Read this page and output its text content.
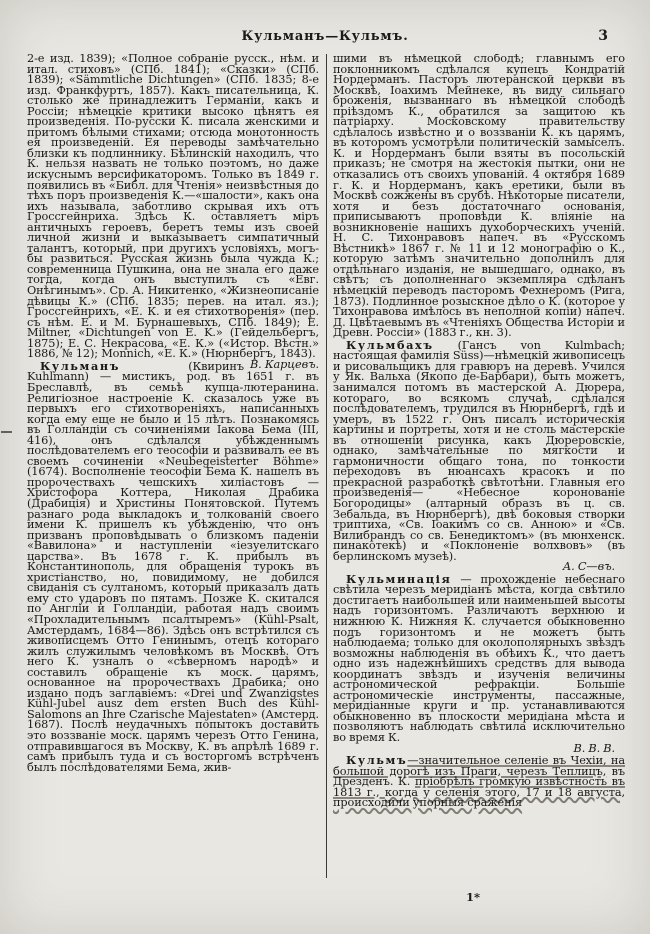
Кульманъ—Кульмъ.	3

2-е изд. 1839); «Полное собраніе русск., нѣм. и итал. стиховъ» (СПб. 1841); «Сказки» (СПб. 1839); «Sämmtliche Dichtungen» (СПб. 1835; 8-е изд. Франкфуртъ, 1857). Какъ писательница, К. столько же принадлежитъ Германіи, какъ и Россіи; нѣмецкіе критики высоко цѣнятъ ея произведенія. По-русски К. писала женскими и притомъ бѣлыми стихами; отсюда монотонность ея произведеній. Ея переводы замѣчательно близки къ подлиннику. Бѣлинскій находилъ, что К. нельзя назвать не только поэтомъ, но даже искуснымъ версификаторомъ. Только въ 1849 г. появились въ «Библ. для Чтенія» неизвѣстныя до тѣхъ поръ произведенія К.—«шалости», какъ она ихъ называла, заботливо скрывая ихъ отъ Гроссгейнриха. Здѣсь К. оставляетъ міръ античныхъ героевъ, беретъ темы изъ своей личной жизни и выказываетъ симпатичный талантъ, который, при другихъ условіяхъ, могъ-бы развиться. Русская жизнь была чужда К.; современница Пушкина, она не знала его даже тогда, когда онъ выступилъ съ «Евг. Онѣгинымъ». Ср. А. Никитенко, «Жизнеописаніе дѣвицы К.» (СПб. 1835; перев. на итал. яз.); Гроссгейнрихъ, «Е. К. и ея стихотворенія» (пер. съ нѣм. Е. и М. Бурнашевыхъ, СПб. 1849); E. Miltner, «Dichtungen von E. K.» (Гейдельбергъ, 1875); Е. С. Некрасова, «Е. К.» («Истор. Вѣстн.» 1886, № 12); Monnich, «Е. К.» (Нюрнбергъ, 1843).
В. Карцевъ.

Кульманъ (Квиринъ Kuhlmann) — мистикъ, род. въ 1651 г. въ Бреславлѣ, въ семьѣ купца-лютеранина. Религіозное настроеніе К. сказалось уже въ первыхъ его стихотвореніяхъ, написанныхъ когда ему еще не было и 15 лѣтъ. Познакомясь въ Голландіи съ сочиненіями Іакова Бема (III, 416), онъ сдѣлался убѣжденнымъ послѣдователемъ его теософіи и развивалъ ее въ своемъ сочиненіи «Neubegeisterter Böhme» (1674). Восполненіе теософіи Бема К. нашелъ въ пророчествахъ чешскихъ хиліастовъ — Христофора Коттера, Николая Драбика (Драбиція) и Христины Понятовской. Путемъ разнаго рода выкладокъ и толкованій своего имени К. пришелъ къ убѣжденію, что онъ призванъ проповѣдывать о близкомъ паденіи «Вавилона» и наступленіи «іезуелитскаго царства». Въ 1678 г. К. прибылъ въ Константинополь, для обращенія турокъ въ христіанство, но, повидимому, не добился свиданія съ султаномъ, который приказалъ дать ему сто ударовъ по пятамъ. Позже К. скитался по Англіи и Голландіи, работая надъ своимъ «Прохладительнымъ псалтыремъ» (Kühl-Psalt, Амстердамъ, 1684—86). Здѣсь онъ встрѣтился съ живописцемъ Отто Генинымъ, отецъ котораго жилъ служилымъ человѣкомъ въ Москвѣ. Отъ него К. узналъ о «сѣверномъ народѣ» и составилъ обращеніе къ моск. царямъ, основанное на пророчествахъ Драбика; оно издано подъ заглавіемъ: «Drei und Zwanzigstes Kühl-Jubel ausz dem ersten Buch des Kühl-Salomons an Ihre Czarische Majestaten» (Амстерд. 1687). Послѣ неудачныхъ попытокъ доставить это воззваніе моск. царямъ черезъ Отто Генина, отправившагося въ Москву, К. въ апрѣлѣ 1689 г. самъ прибылъ туда и съ восторгомъ встрѣченъ былъ послѣдователями Бема, жив-

шими въ нѣмецкой слободѣ; главнымъ его поклонникомъ сдѣлался купецъ Кондратій Нордерманъ. Пасторъ лютеранской церкви въ Москвѣ, Іоахимъ Мейнеке, въ виду сильнаго броженія, вызваннаго въ нѣмецкой слободѣ пріѣздомъ К., обратился за защитою къ патріарху. Московскому правительству сдѣлалось извѣстно и о воззваніи К. къ царямъ, въ которомъ усмотрѣли политическій замыселъ. К. и Нордерманъ были взяты въ посольскій приказъ; не смотря на жестокія пытки, они не отказались отъ своихъ упованій. 4 октября 1689 г. К. и Нордерманъ, какъ еретики, были въ Москвѣ сожжены въ срубѣ. Нѣкоторые писатели, хотя и безъ достаточнаго основанія, приписываютъ проповѣди К. вліяніе на возникновеніе нашихъ духоборческихъ ученій. Н. С. Тихонравовъ напеч. въ «Русскомъ Вѣстникѣ» 1867 г. № 11 и 12 монографію о К., которую затѣмъ значительно дополнилъ для отдѣльнаго изданія, не вышедшаго, однако, въ свѣтъ; съ дополненнаго экземпляра сдѣланъ нѣмецкій переводъ пасторомъ Фехнеромъ (Рига, 1873). Подлинное розыскное дѣло о К. (которое у Тихонравова имѣлось въ неполной копіи) напеч. Д. Цвѣтаевымъ въ «Чтеніяхъ Общества Исторіи и Древн. Россіи» (1883 г., кн. 3).

Кульмбахъ (Гансъ von Kulmbach; настоящая фамилія Süss)—нѣмецкій живописецъ и рисовальщикъ для гравюръ на деревѣ. Учился у Як. Вальха (Якопо де-Барбари), быть можетъ, занимался потомъ въ мастерской А. Дюрера, котораго, во всякомъ случаѣ, сдѣлался послѣдователемъ, трудился въ Нюрнбергѣ, гдѣ и умеръ, въ 1522 г. Онъ писалъ историческія картины и портреты, хотя и не столь мастерскіе въ отношеніи рисунка, какъ Дюреровскіе, однако, замѣчательные по мягкости и гармоничности общаго тона, по тонкости переходовъ въ нюансахъ красокъ и по прекрасной разработкѣ свѣтотѣни. Главныя его произведенія— «Небесное коронованіе Богородицы» (алтарный образъ въ ц. св. Зебальда, въ Нюрнбергѣ), двѣ боковыя створки триптиха, «Св. Іоакимъ со св. Анною» и «Св. Вилибрандъ со св. Бенедиктомъ» (въ мюнхенск. пинакотекѣ) и «Поклоненіе волхвовъ» (въ берлинскомъ музеѣ).

А. С—въ.

Кульминація — прохожденіе небеснаго свѣтила черезъ меридіанъ мѣста, когда свѣтило достигаетъ наибольшей или наименьшей высоты надъ горизонтомъ. Различаютъ верхнюю и нижнюю К. Нижняя К. случается обыкновенно подъ горизонтомъ и не можетъ быть наблюдаема; только для околополярныхъ звѣздъ возможны наблюденія въ обѣихъ К., что даетъ одно изъ надежнѣйшихъ средствъ для вывода координатъ звѣздъ и изученія величины астрономической рефракціи. Большіе астрономическіе инструменты, пассажные, меридіанные круги и пр. устанавливаются обыкновенно въ плоскости меридіана мѣста и позволяютъ наблюдать свѣтила исключительно во время К.

В. В. В.

Кульмъ—значительное селеніе въ Чехіи, на большой дорогѣ изъ Праги, черезъ Теплицъ, въ Дрезденъ. К. пріобрѣлъ громкую извѣстность въ 1813 г., когда у селенія этого, 17 и 18 августа, происходили упорныя сраженія

1*
